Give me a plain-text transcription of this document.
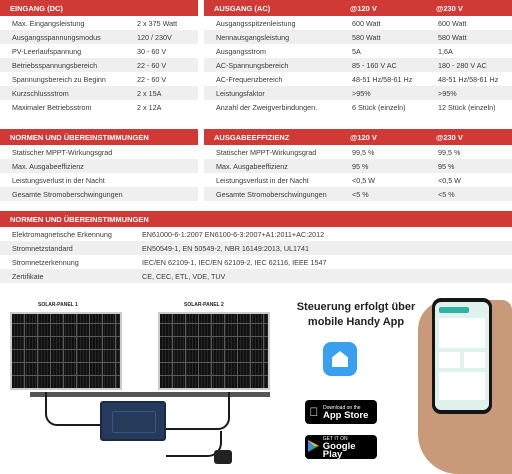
EINGANG (DC)
Max. Eingangsleistung	2 x 375 Watt
Ausgangsspannungsmodus	120 / 230V
PV-Leerlaufspannung	30 - 60 V
Betriebsspannungsbereich	22 - 60 V
Spannungsbereich zu Beginn	22 - 60 V
Kurzschlussstrom	2 x 15A
Maximaler Betriebsstrom	2 x 12A
AUSGANG (AC)	@120 V	@230 V
Ausgangsspitzenleistung	600 Watt	600 Watt
Nennausgangsleistung	580 Watt	580 Watt
Ausgangsstrom	5A	1,6A
AC-Spannungsbereich	85 - 160 V AC	180 - 280 V AC
AC-Frequenzbereich	48-51 Hz/58-61 Hz	48-51 Hz/58-61 Hz
Leistungsfaktor	>95%	>95%
Anzahl der Zweigverbindungen.	6 Stück (einzeln)	12 Stück (einzeln)
NORMEN UND ÜBEREINSTIMMUNGEN
Statischer MPPT-Wirkungsgrad
Max. Ausgabeeffizienz
Leistungsverlust in der Nacht
Gesamte Stromoberschwingungen
AUSGABEEFFIZIENZ	@120 V	@230 V
Statischer MPPT-Wirkungsgrad	99,5 %	99,5 %
Max. Ausgabeeffizienz	95 %	95 %
Leistungsverlust in der Nacht	<0,5 W	<0,5 W
Gesamte Stromoberschwingungen	<5 %	<5 %
NORMEN UND ÜBEREINSTIMMUNGEN
Elektromagnetische Erkennung	EN61000-6-1:2007 EN6100-6-3:2007+A1:2011+AC:2012
Stromnetzstandard	EN50549-1, EN 50549-2, NBR 16149:2013, UL1741
Stromnetzerkennung	IEC/EN 62109-1, IEC/EN 62109-2, IEC 62116, IEEE 1547
Zertifikate	CE, CEC, ETL, VDE, TUV
SOLAR-PANEL 1	SOLAR-PANEL 2	Steuerung erfolgt über mobile Handy App
Download on the
App Store
GET IT ON
Google Play
